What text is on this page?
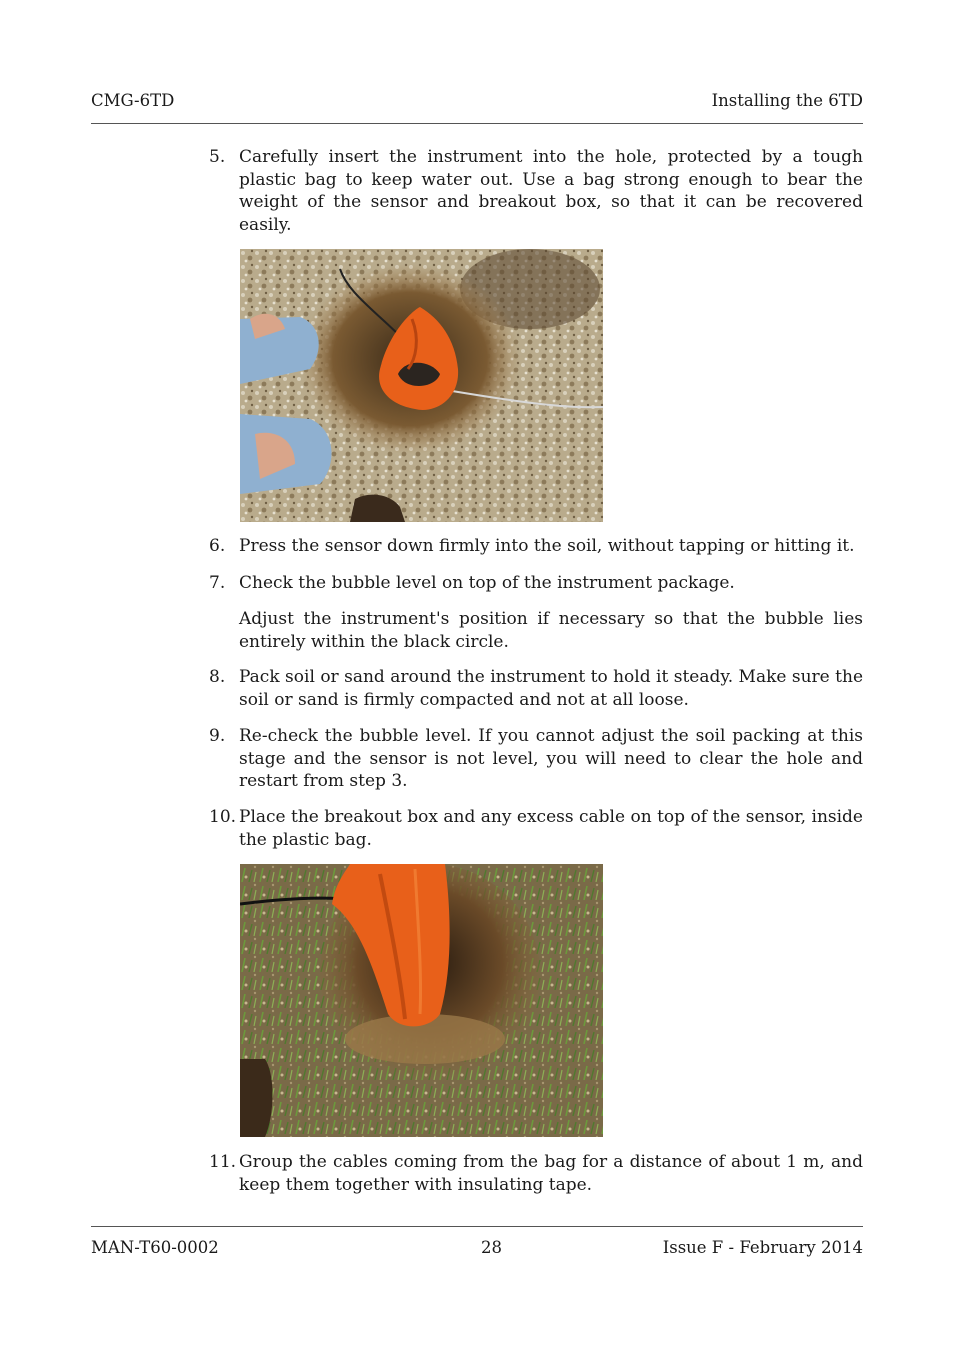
CMG-6TD	Installing the 6TD
5. Carefully insert the instrument into the hole, protected by a tough plastic bag to keep water out. Use a bag strong enough to bear the weight of the sensor and breakout box, so that it can be recovered easily.
6. Press the sensor down firmly into the soil, without tapping or hitting it.
7. Check the bubble level on top of the instrument package.
Adjust the instrument's position if necessary so that the bubble lies entirely within the black circle.
8. Pack soil or sand around the instrument to hold it steady. Make sure the soil or sand is firmly compacted and not at all loose.
9. Re-check the bubble level. If you cannot adjust the soil packing at this stage and the sensor is not level, you will need to clear the hole and restart from step 3.
10. Place the breakout box and any excess cable on top of the sensor, inside the plastic bag.
11. Group the cables coming from the bag for a distance of about 1 m, and keep them together with insulating tape.
MAN-T60-0002	28	Issue F - February 2014
